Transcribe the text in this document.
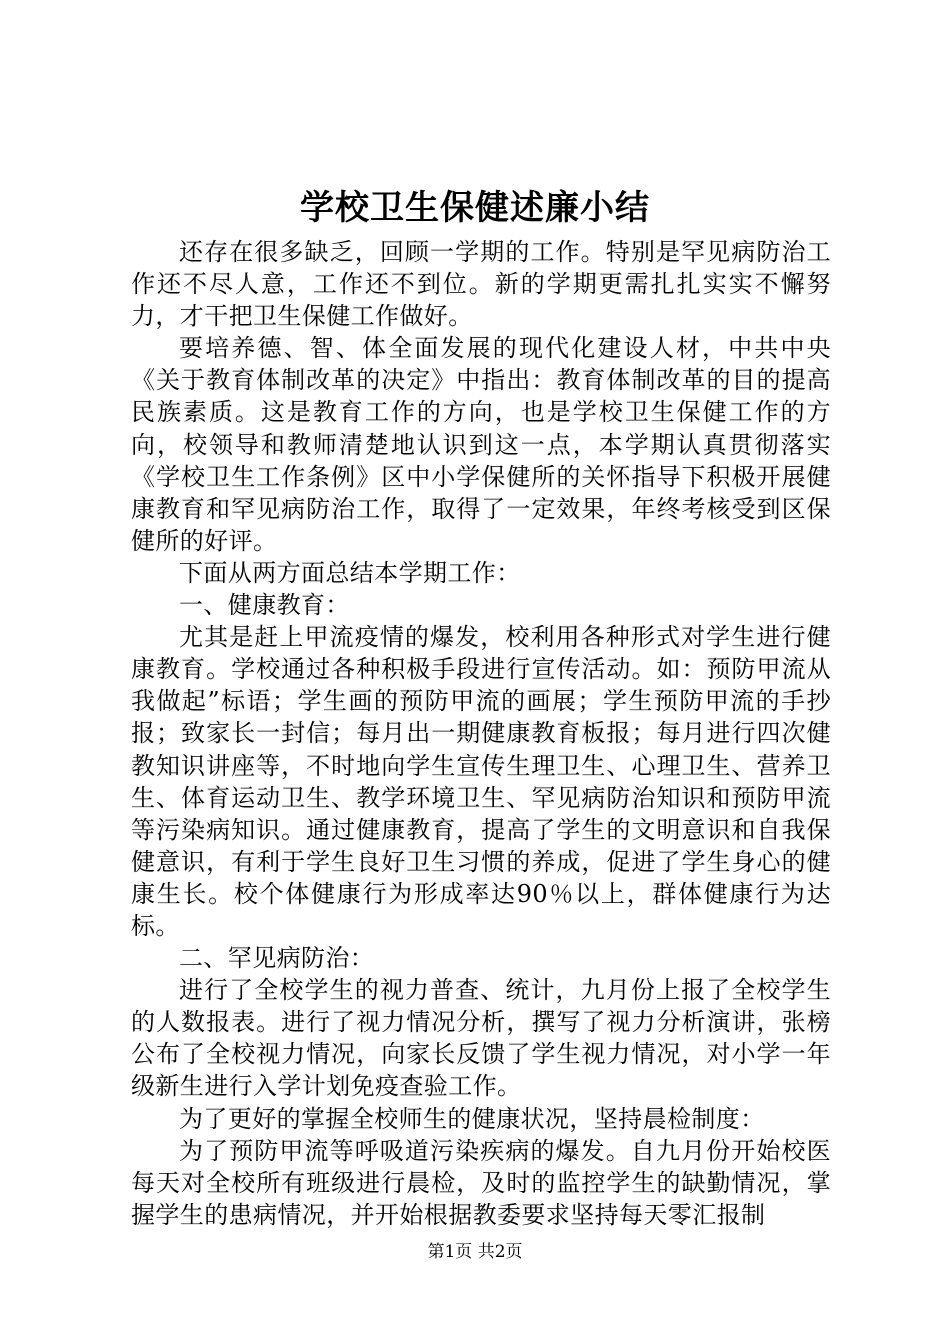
学校卫生保健述廉小结

还存在很多缺乏，回顾一学期的工作。特别是罕见病防治工作还不尽人意，工作还不到位。新的学期更需扎扎实实不懈努力，才干把卫生保健工作做好。

要培养德、智、体全面发展的现代化建设人材，中共中央《关于教育体制改革的决定》中指出：教育体制改革的目的提高民族素质。这是教育工作的方向，也是学校卫生保健工作的方向，校领导和教师清楚地认识到这一点，本学期认真贯彻落实《学校卫生工作条例》区中小学保健所的关怀指导下积极开展健康教育和罕见病防治工作，取得了一定效果，年终考核受到区保健所的好评。

下面从两方面总结本学期工作：

一、健康教育：

尤其是赶上甲流疫情的爆发，校利用各种形式对学生进行健康教育。学校通过各种积极手段进行宣传活动。如：预防甲流从我做起”标语；学生画的预防甲流的画展；学生预防甲流的手抄报；致家长一封信；每月出一期健康教育板报；每月进行四次健教知识讲座等，不时地向学生宣传生理卫生、心理卫生、营养卫生、体育运动卫生、教学环境卫生、罕见病防治知识和预防甲流等污染病知识。通过健康教育，提高了学生的文明意识和自我保健意识，有利于学生良好卫生习惯的养成，促进了学生身心的健康生长。校个体健康行为形成率达90％以上，群体健康行为达标。

二、罕见病防治：

进行了全校学生的视力普查、统计，九月份上报了全校学生的人数报表。进行了视力情况分析，撰写了视力分析演讲，张榜公布了全校视力情况，向家长反馈了学生视力情况，对小学一年级新生进行入学计划免疫查验工作。

为了更好的掌握全校师生的健康状况，坚持晨检制度：

为了预防甲流等呼吸道污染疾病的爆发。自九月份开始校医每天对全校所有班级进行晨检，及时的监控学生的缺勤情况，掌握学生的患病情况，并开始根据教委要求坚持每天零汇报制

第1页 共2页
